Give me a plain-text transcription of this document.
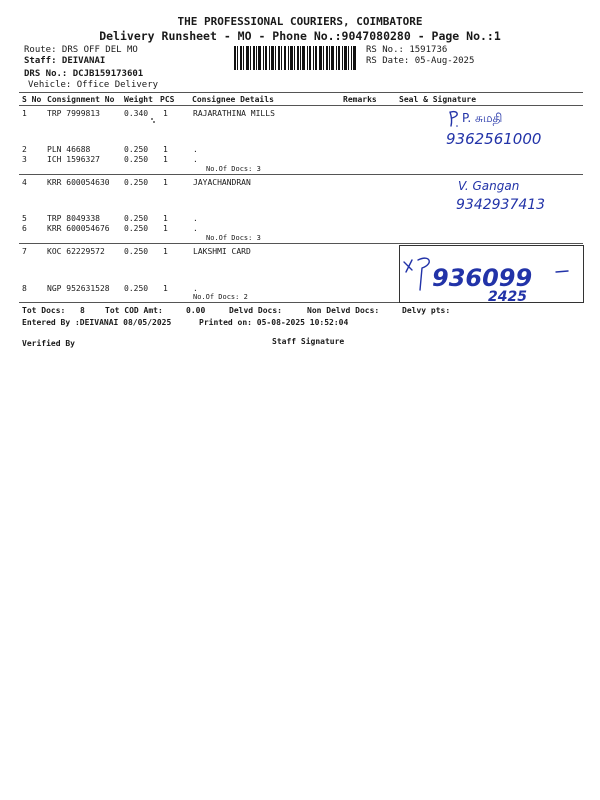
THE PROFESSIONAL COURIERS, COIMBATORE
Delivery Runsheet - MO - Phone No.:9047080280 - Page No.:1
Route: DRS OFF DEL MO
Staff: DEIVANAI
DRS No.: DCJB159173601
Vehicle: Office Delivery
RS No.: 1591736
RS Date: 05-Aug-2025
S No Consignment No Weight PCS Consignee Details	Remarks	Seal & Signature
1	TRP 7999813	0.340 1	RAJARATHINA MILLS
2	PLN 46688	0.250 1	.
3	ICH 1596327	0.250 1	.
No.Of Docs: 3
4	KRR 600054630 0.250 1	JAYACHANDRAN
5	TRP 8049338	0.250 1	.
6	KRR 600054676 0.250 1	.
No.Of Docs: 3
7	KOC 62229572 0.250 1	LAKSHMI CARD
8	NGP 952631528 0.250 1	.
No.Of Docs: 2
P. சுமதி
9362561000
V. Gangan
9342937413
936099
2425
Tot Docs: 8	Tot COD Amt:	0.00	Delvd Docs:	Non Delvd Docs:	Delvy pts:
Entered By :DEIVANAI 08/05/2025	Printed on: 05-08-2025 10:52:04
Verified By	Staff Signature
